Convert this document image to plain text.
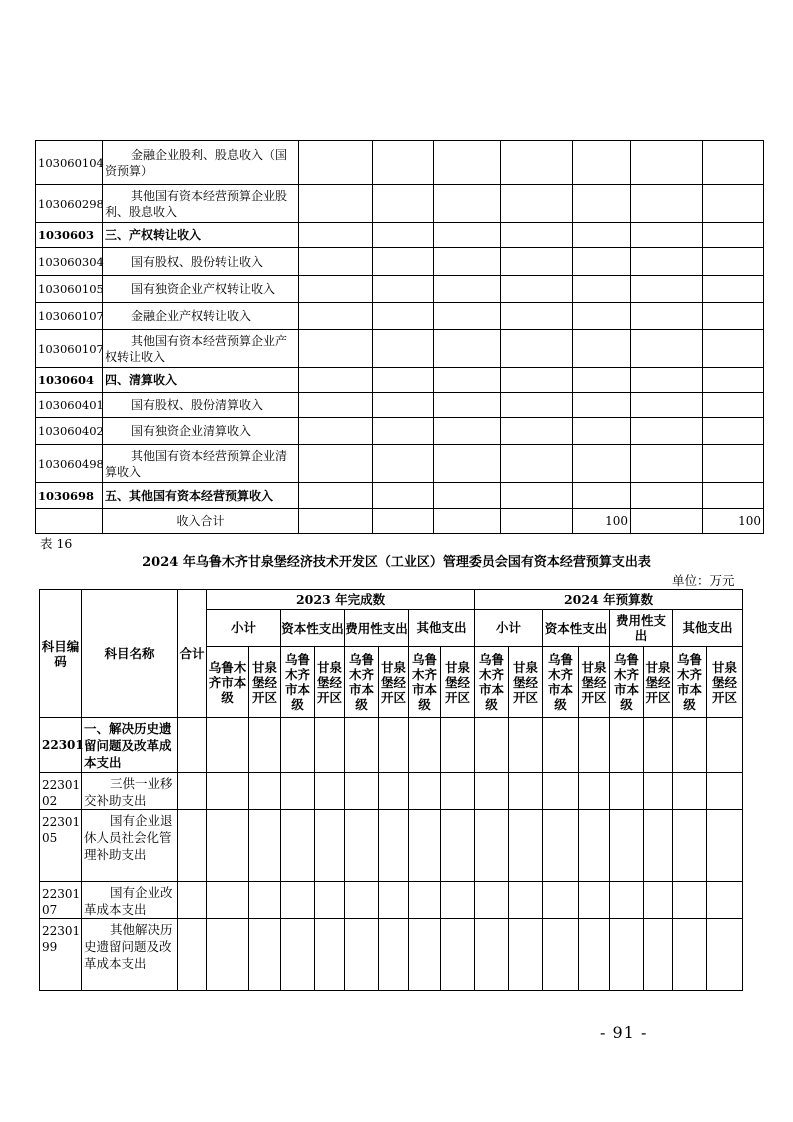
103060104	金融企业股利、股息收入（国资预算）							
103060298	其他国有资本经营预算企业股利、股息收入							
1030603	三、产权转让收入							
103060304	国有股权、股份转让收入							
103060105	国有独资企业产权转让收入							
103060107	金融企业产权转让收入							
103060107	其他国有资本经营预算企业产权转让收入							
1030604	四、清算收入							
103060401	国有股权、股份清算收入							
103060402	国有独资企业清算收入							
103060498	其他国有资本经营预算企业清算收入							
1030698	五、其他国有资本经营预算收入							
	收入合计					100		100
表 16
2024 年乌鲁木齐甘泉堡经济技术开发区（工业区）管理委员会国有资本经营预算支出表
单位：万元
科目编码	科目名称	合计	2023 年完成数								2024 年预算数							
			小计		资本性支出		费用性支出		其他支出		小计		资本性支出		费用性支出		其他支出	
			乌鲁木齐市本级	甘泉堡经开区	乌鲁木齐市本级	甘泉堡经开区	乌鲁木齐市本级	甘泉堡经开区	乌鲁木齐市本级	甘泉堡经开区	乌鲁木齐市本级	甘泉堡经开区	乌鲁木齐市本级	甘泉堡经开区	乌鲁木齐市本级	甘泉堡经开区	乌鲁木齐市本级	甘泉堡经开区
22301	一、解决历史遗留问题及改革成本支出																	

2230102	三供一业移交补助支出																	

2230105	国有企业退休人员社会化管理补助支出																	

2230107	国有企业改革成本支出																	

2230199	其他解决历史遗留问题及改革成本支出																	

- 91 -
